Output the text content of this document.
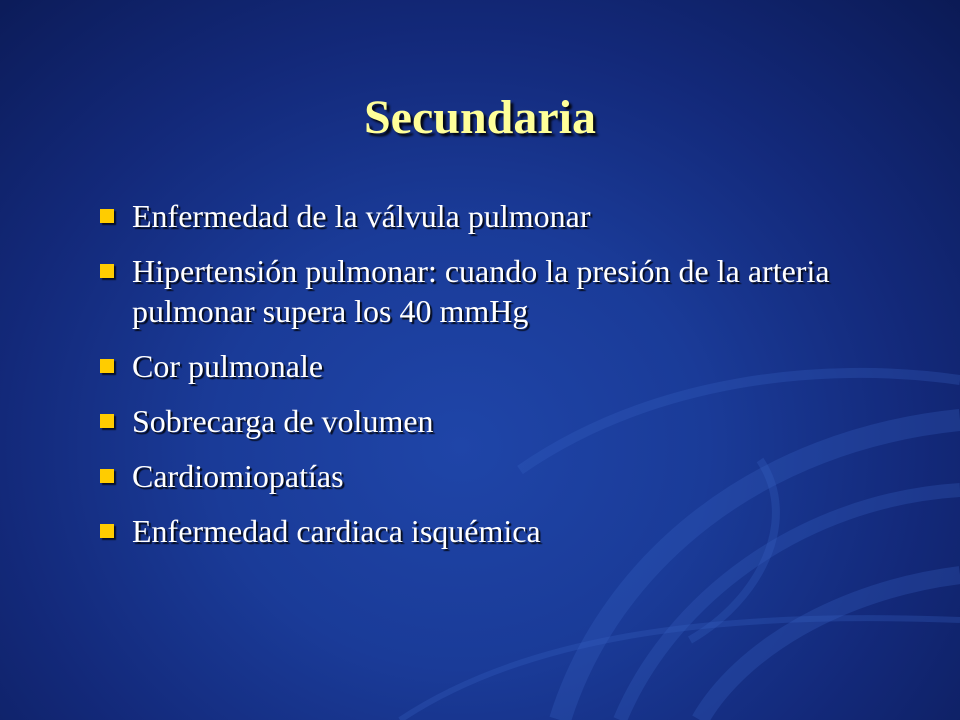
Secundaria
Enfermedad de la válvula pulmonar
Hipertensión pulmonar: cuando la presión de la arteria pulmonar supera los 40 mmHg
Cor pulmonale
Sobrecarga de volumen
Cardiomiopatías
Enfermedad cardiaca isquémica
